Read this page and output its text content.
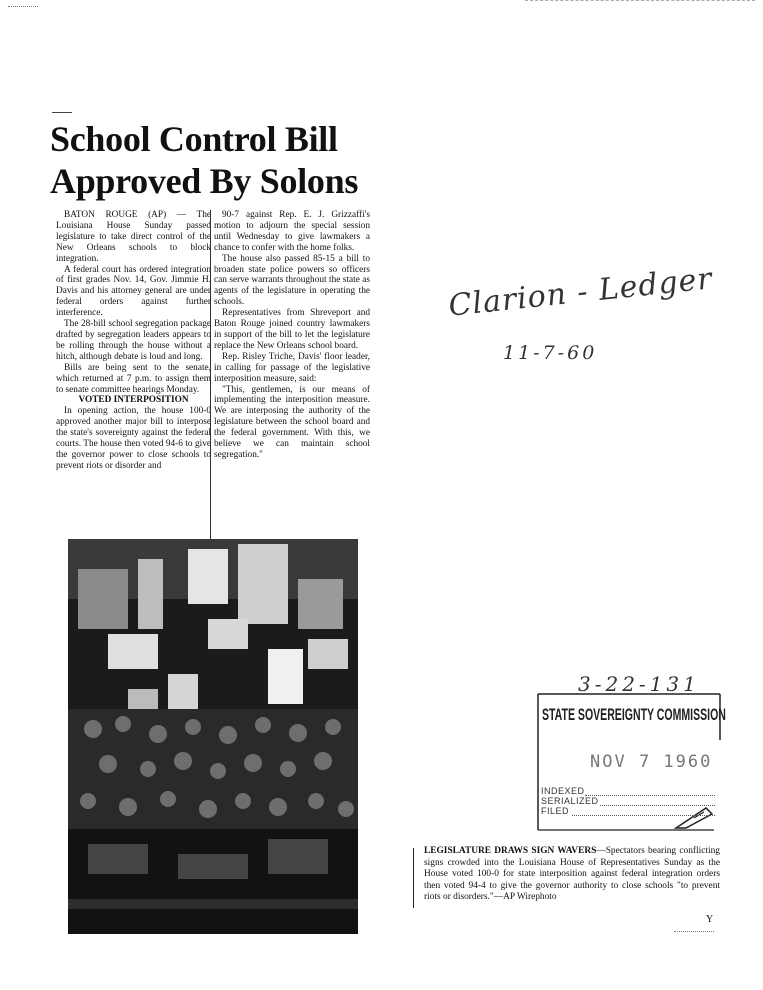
School Control Bill
Approved By Solons

BATON ROUGE (AP) — The Louisiana House Sunday passed legislature to take direct control of the New Orleans schools to block integration.

A federal court has ordered integration of first grades Nov. 14, Gov. Jimmie H. Davis and his attorney general are under federal orders against further interference.

The 28-bill school segregation package drafted by segregation leaders appears to be rolling through the house without a hitch, although debate is loud and long.

Bills are being sent to the senate, which returned at 7 p.m. to assign them to senate committee hearings Monday.

VOTED INTERPOSITION

In opening action, the house 100-0 approved another major bill to interpose the state's sovereignty against the federal courts. The house then voted 94-6 to give the governor power to close schools to prevent riots or disorder and

90-7 against Rep. E. J. Grizzaffi's motion to adjourn the special session until Wednesday to give lawmakers a chance to confer with the home folks.

The house also passed 85-15 a bill to broaden state police powers so officers can serve warrants throughout the state as agents of the legislature in operating the schools.

Representatives from Shreveport and Baton Rouge joined country lawmakers in support of the bill to let the legislature replace the New Orleans school board.

Rep. Risley Triche, Davis' floor leader, in calling for passage of the legislative interposition measure, said:

"This, gentlemen, is our means of implementing the interposition measure. We are interposing the authority of the legislature between the school board and the federal government. With this, we believe we can maintain school segregation."

Clarion - Ledger
11-7-60
3-22-131
STATE SOVEREIGNTY COMMISSION
NOV 7 1960
INDEXED
SERIALIZED
FILED
LEGISLATURE DRAWS SIGN WAVERS—Spectators bearing conflicting signs crowded into the Louisiana House of Representatives Sunday as the House voted 100-0 for state interposition against federal integration orders then voted 94-4 to give the governor authority to close schools "to prevent riots or disorders."—AP Wirephoto
Y
